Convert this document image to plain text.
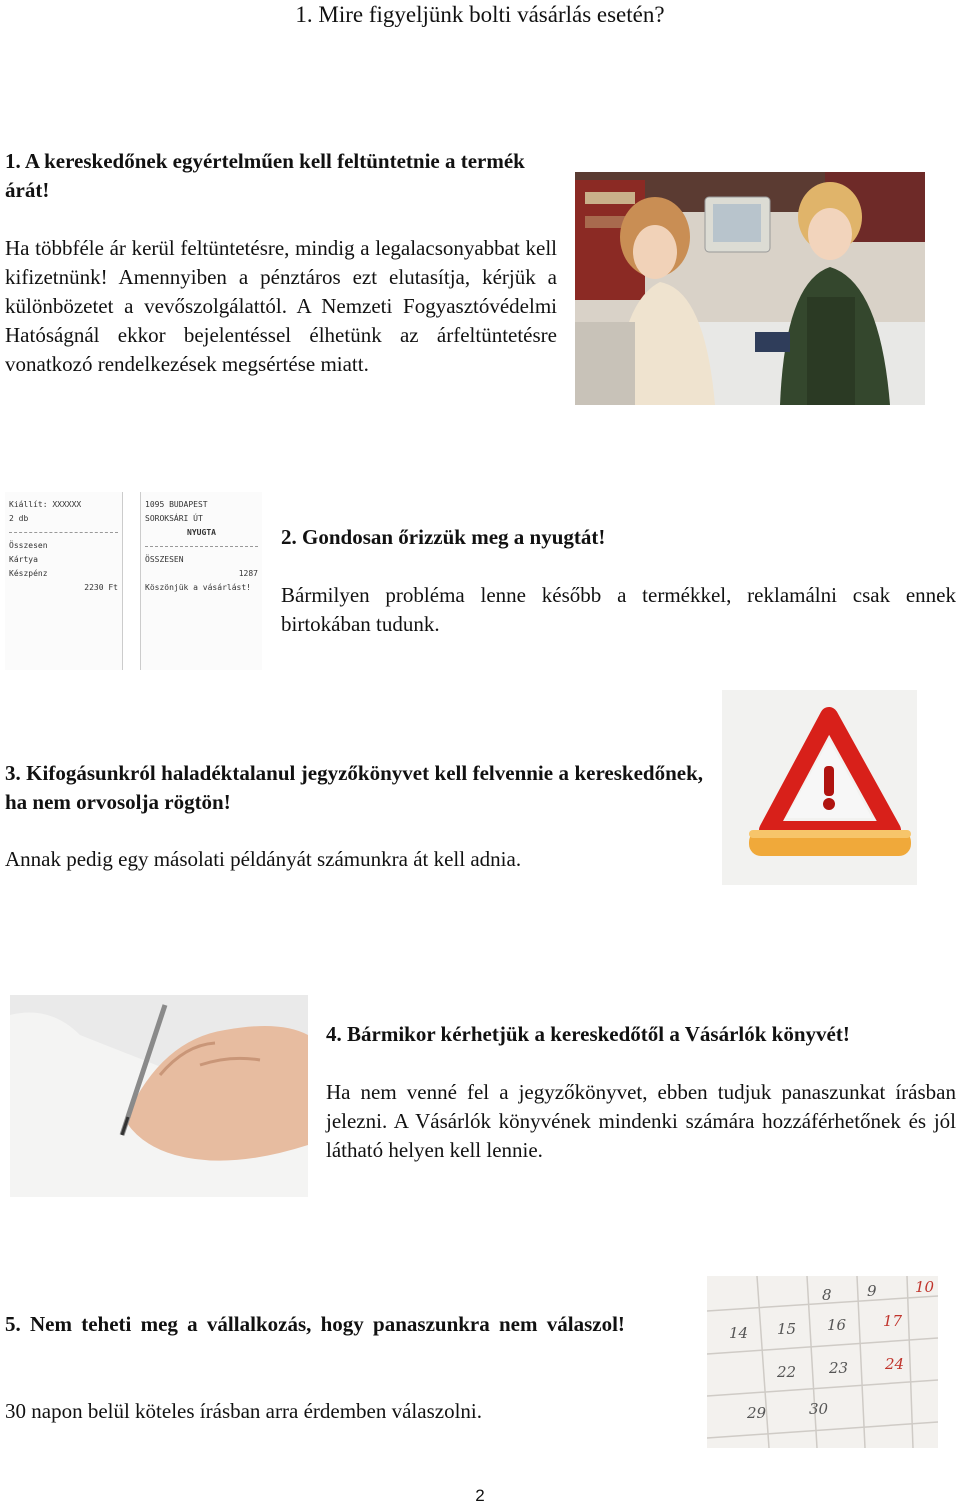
1. Mire figyeljünk bolti vásárlás esetén?
1. A kereskedőnek egyértelműen kell feltüntetnie a termék árát!
Ha többféle ár kerül feltüntetésre, mindig a legalacsonyabbat kell kifizetnünk! Amennyiben a pénztáros ezt elutasítja, kérjük a különbözetet a vevőszolgálattól. A Nemzeti Fogyasztóvédelmi Hatóságnál ekkor bejelentéssel élhetünk az árfeltüntetésre vonatkozó rendelkezések megsértése miatt.
Kiállít: XXXXXX
2 db
Összesen
Kártya
Készpénz
2230 Ft
1095 BUDAPEST
SOROKSÁRI ÚT
NYUGTA
ÖSSZESEN
1287
Köszönjük a vásárlást!
2. Gondosan őrizzük meg a nyugtát!
Bármilyen probléma lenne később a termékkel, reklamálni csak ennek birtokában tudunk.
3. Kifogásunkról haladéktalanul jegyzőkönyvet kell felvennie a kereskedőnek, ha nem orvosolja rögtön!
Annak pedig egy másolati példányát számunkra át kell adnia.
4. Bármikor kérhetjük a kereskedőtől a Vásárlók könyvét!
Ha nem venné fel a jegyzőkönyvet, ebben tudjuk panaszunkat írásban jelezni. A Vásárlók könyvének mindenki számára hozzáférhetőnek és jól látható helyen kell lennie.
5. Nem teheti meg a vállalkozás, hogy panaszunkra nem válaszol!
30 napon belül köteles írásban arra érdemben válaszolni.
8 9	10
14 15 16 17
22 23 24
29	30
2
